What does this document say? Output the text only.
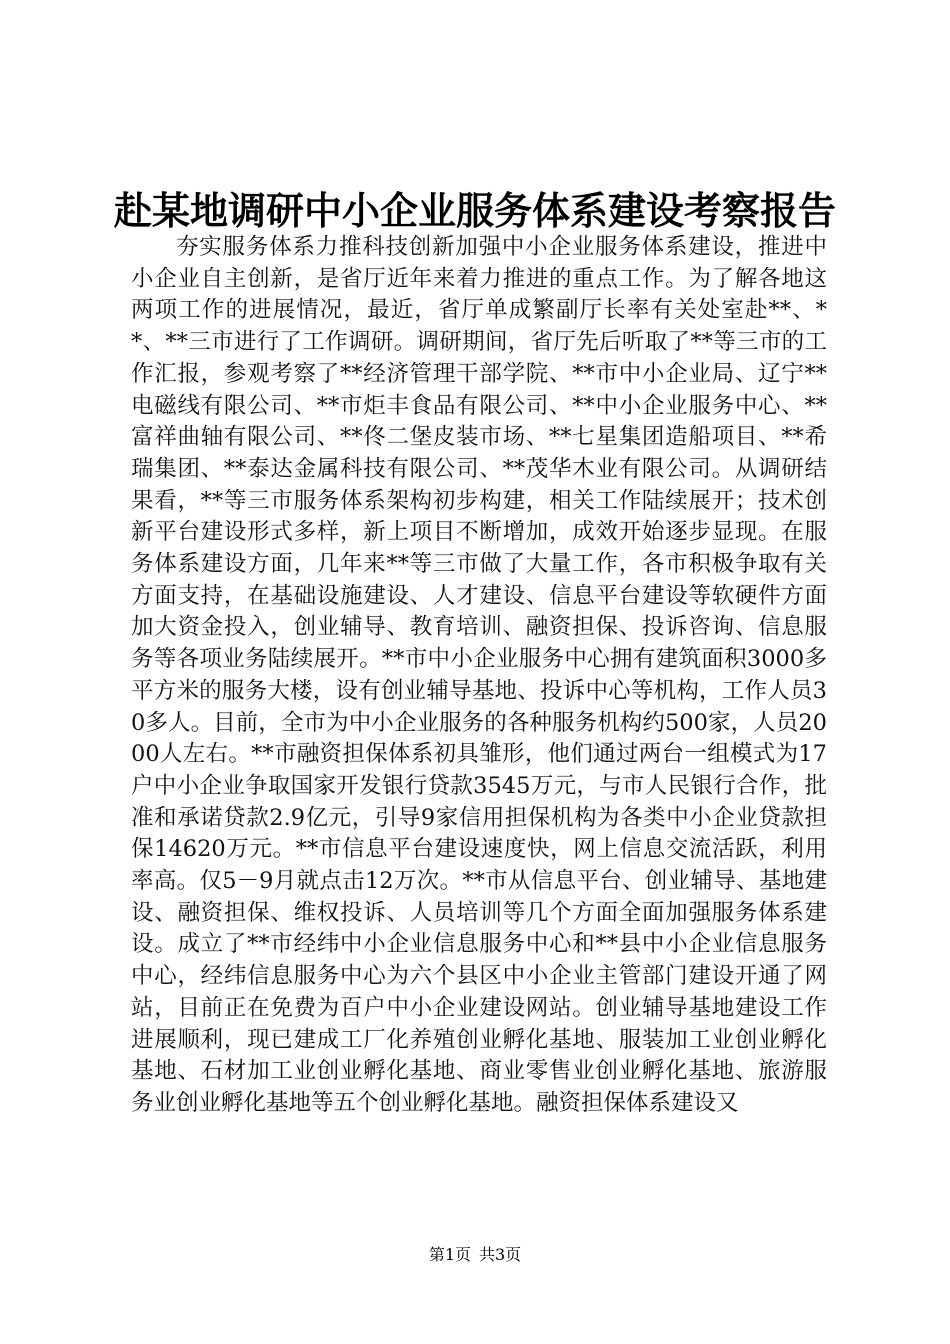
赴某地调研中小企业服务体系建设考察报告

夯实服务体系力推科技创新加强中小企业服务体系建设，推进中小企业自主创新，是省厅近年来着力推进的重点工作。为了解各地这两项工作的进展情况，最近，省厅单成繁副厅长率有关处室赴**、**、**三市进行了工作调研。调研期间，省厅先后听取了**等三市的工作汇报，参观考察了**经济管理干部学院、**市中小企业局、辽宁**电磁线有限公司、**市炬丰食品有限公司、**中小企业服务中心、**富祥曲轴有限公司、**佟二堡皮装市场、**七星集团造船项目、**希瑞集团、**泰达金属科技有限公司、**茂华木业有限公司。从调研结果看，**等三市服务体系架构初步构建，相关工作陆续展开；技术创新平台建设形式多样，新上项目不断增加，成效开始逐步显现。在服务体系建设方面，几年来**等三市做了大量工作，各市积极争取有关方面支持，在基础设施建设、人才建设、信息平台建设等软硬件方面加大资金投入，创业辅导、教育培训、融资担保、投诉咨询、信息服务等各项业务陆续展开。**市中小企业服务中心拥有建筑面积3000多平方米的服务大楼，设有创业辅导基地、投诉中心等机构，工作人员30多人。目前，全市为中小企业服务的各种服务机构约500家，人员2000人左右。**市融资担保体系初具雏形，他们通过两台一组模式为17户中小企业争取国家开发银行贷款3545万元，与市人民银行合作，批准和承诺贷款2.9亿元，引导9家信用担保机构为各类中小企业贷款担保14620万元。**市信息平台建设速度快，网上信息交流活跃，利用率高。仅5－9月就点击12万次。**市从信息平台、创业辅导、基地建设、融资担保、维权投诉、人员培训等几个方面全面加强服务体系建设。成立了**市经纬中小企业信息服务中心和**县中小企业信息服务中心，经纬信息服务中心为六个县区中小企业主管部门建设开通了网站，目前正在免费为百户中小企业建设网站。创业辅导基地建设工作进展顺利，现已建成工厂化养殖创业孵化基地、服装加工业创业孵化基地、石材加工业创业孵化基地、商业零售业创业孵化基地、旅游服务业创业孵化基地等五个创业孵化基地。融资担保体系建设又

第1页 共3页
